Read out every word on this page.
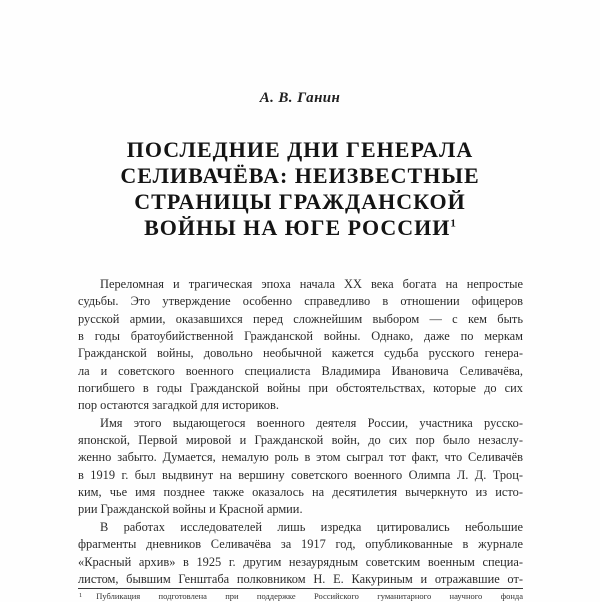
А. В. Ганин
ПОСЛЕДНИЕ ДНИ ГЕНЕРАЛА
СЕЛИВАЧЁВА: НЕИЗВЕСТНЫЕ
СТРАНИЦЫ ГРАЖДАНСКОЙ
ВОЙНЫ НА ЮГЕ РОССИИ$^1$

Переломная и трагическая эпоха начала XX века богата на непростые
судьбы. Это утверждение особенно справедливо в отношении офицеров
русской армии, оказавшихся перед сложнейшим выбором — с кем быть
в годы братоубийственной Гражданской войны. Однако, даже по меркам
Гражданской войны, довольно необычной кажется судьба русского генера-
ла и советского военного специалиста Владимира Ивановича Селивачёва,
погибшего в годы Гражданской войны при обстоятельствах, которые до сих
пор остаются загадкой для историков.

Имя этого выдающегося военного деятеля России, участника русско-
японской, Первой мировой и Гражданской войн, до сих пор было незаслу-
женно забыто. Думается, немалую роль в этом сыграл тот факт, что Селивачёв
в 1919 г. был выдвинут на вершину советского военного Олимпа Л. Д. Троц-
ким, чье имя позднее также оказалось на десятилетия вычеркнуто из исто-
рии Гражданской войны и Красной армии.

В работах исследователей лишь изредка цитировались небольшие
фрагменты дневников Селивачёва за 1917 год, опубликованные в журнале
«Красный архив» в 1925 г. другим незаурядным советским военным специа-
листом, бывшим Генштаба полковником Н. Е. Какуриным и отражавшие от-

1 Публикация подготовлена при поддержке Российского гуманитарного научного фонда
